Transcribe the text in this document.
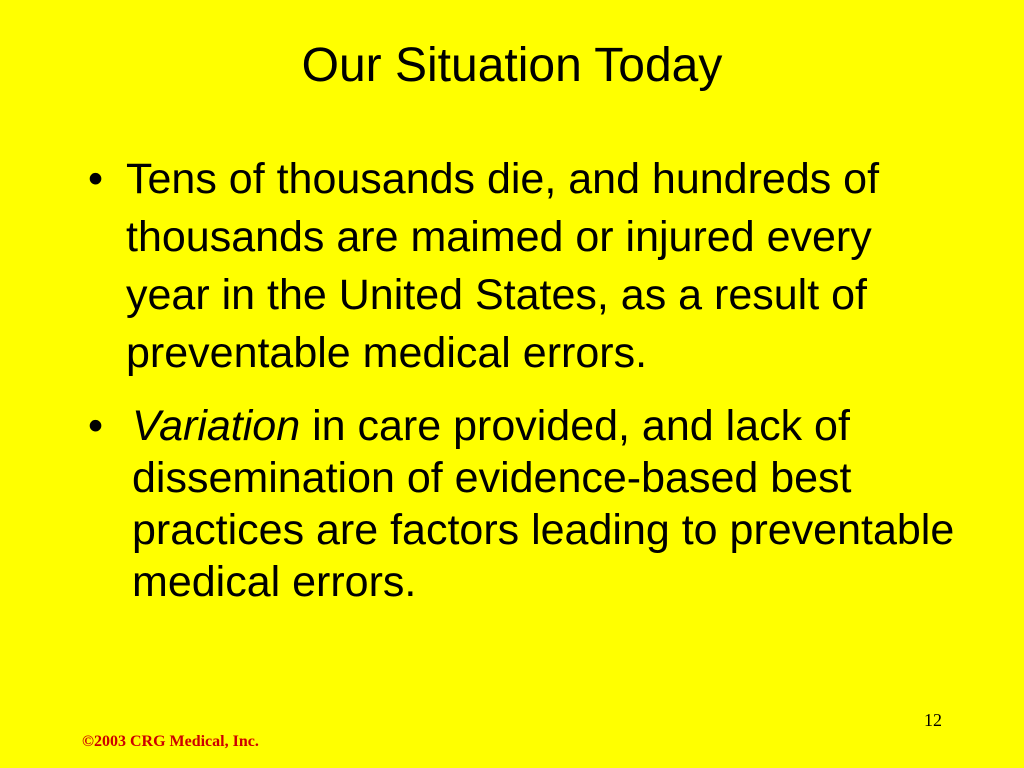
Our Situation Today
• Tens of thousands die, and hundreds of thousands are maimed or injured every year in the United States, as a result of preventable medical errors.
• Variation in care provided, and lack of dissemination of evidence-based best practices are factors leading to preventable medical errors.
12
©2003 CRG Medical, Inc.
